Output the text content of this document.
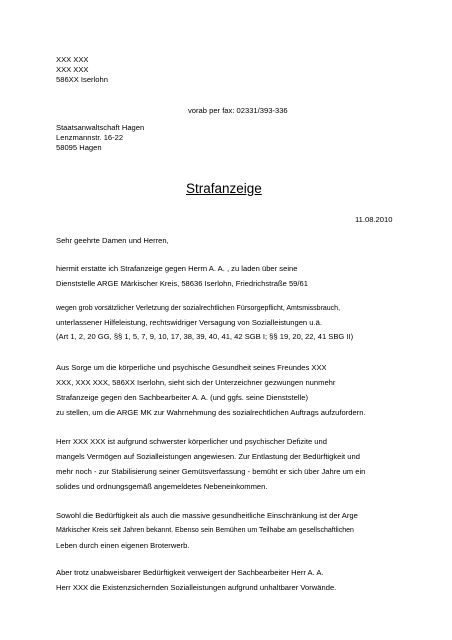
XXX XXX
XXX XXX
586XX Iserlohn
vorab per fax: 02331/393-336
Staatsanwaltschaft Hagen
Lenzmannstr. 16-22
58095 Hagen
Strafanzeige
11.08.2010
Sehr geehrte Damen und Herren,
hiermit erstatte ich Strafanzeige gegen Herrn A. A. , zu laden über seine
Dienststelle ARGE Märkischer Kreis, 58636 Iserlohn, Friedrichstraße 59/61
wegen grob vorsätzlicher Verletzung der sozialrechtlichen Fürsorgepflicht, Amtsmissbrauch,
unterlassener Hilfeleistung, rechtswidriger Versagung von Sozialleistungen u.ä.
(Art 1, 2, 20 GG, §§ 1, 5, 7, 9, 10, 17, 38, 39, 40, 41, 42 SGB I; §§ 19, 20, 22, 41 SBG II)
Aus Sorge um die körperliche und psychische Gesundheit seines Freundes XXX
XXX, XXX XXX, 586XX Iserlohn, sieht sich der Unterzeichner gezwungen nunmehr
Strafanzeige gegen den Sachbearbeiter A. A. (und ggfs. seine Dienststelle)
zu stellen, um die ARGE MK zur Wahrnehmung des sozialrechtlichen Auftrags aufzufordern.
Herr XXX XXX ist aufgrund schwerster körperlicher und psychischer Defizite und
mangels Vermögen auf Sozialleistungen angewiesen. Zur Entlastung der Bedürftigkeit und
mehr noch - zur Stabilisierung seiner Gemütsverfassung - bemüht er sich über Jahre um ein
solides und ordnungsgemäß angemeldetes Nebeneinkommen.
Sowohl die Bedürftigkeit als auch die massive gesundheitliche Einschränkung ist der Arge
Märkischer Kreis seit Jahren bekannt. Ebenso sein Bemühen um Teilhabe am gesellschaftlichen
Leben durch einen eigenen Broterwerb.
Aber trotz unabweisbarer Bedürftigkeit verweigert der Sachbearbeiter Herr A. A.
Herr XXX die Existenzsichernden Sozialleistungen aufgrund unhaltbarer Vorwände.
